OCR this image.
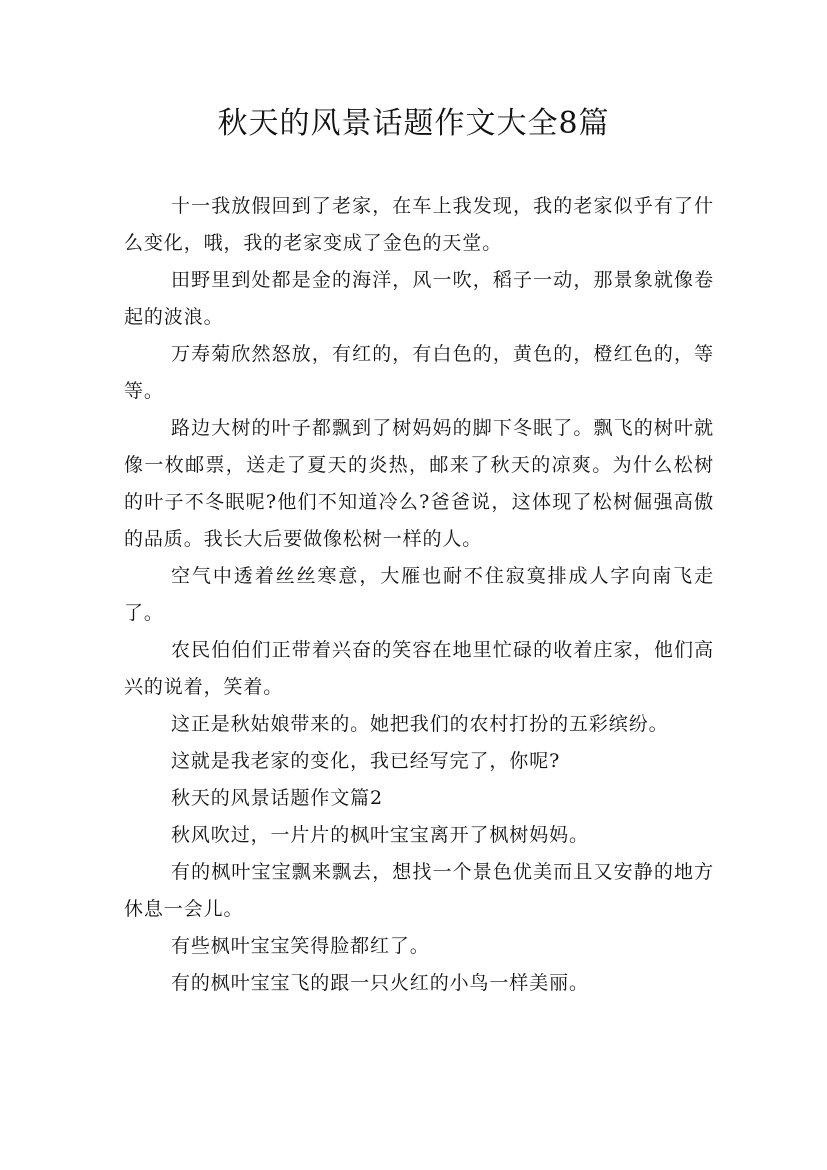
秋天的风景话题作文大全8篇

十一我放假回到了老家，在车上我发现，我的老家似乎有了什么变化，哦，我的老家变成了金色的天堂。

田野里到处都是金的海洋，风一吹，稻子一动，那景象就像卷起的波浪。

万寿菊欣然怒放，有红的，有白色的，黄色的，橙红色的，等等。

路边大树的叶子都飘到了树妈妈的脚下冬眠了。飘飞的树叶就像一枚邮票，送走了夏天的炎热，邮来了秋天的凉爽。为什么松树的叶子不冬眠呢?他们不知道冷么?爸爸说，这体现了松树倔强高傲的品质。我长大后要做像松树一样的人。

空气中透着丝丝寒意，大雁也耐不住寂寞排成人字向南飞走了。

农民伯伯们正带着兴奋的笑容在地里忙碌的收着庄家，他们高兴的说着，笑着。

这正是秋姑娘带来的。她把我们的农村打扮的五彩缤纷。

这就是我老家的变化，我已经写完了，你呢?

秋天的风景话题作文篇2

秋风吹过，一片片的枫叶宝宝离开了枫树妈妈。

有的枫叶宝宝飘来飘去，想找一个景色优美而且又安静的地方休息一会儿。

有些枫叶宝宝笑得脸都红了。

有的枫叶宝宝飞的跟一只火红的小鸟一样美丽。
